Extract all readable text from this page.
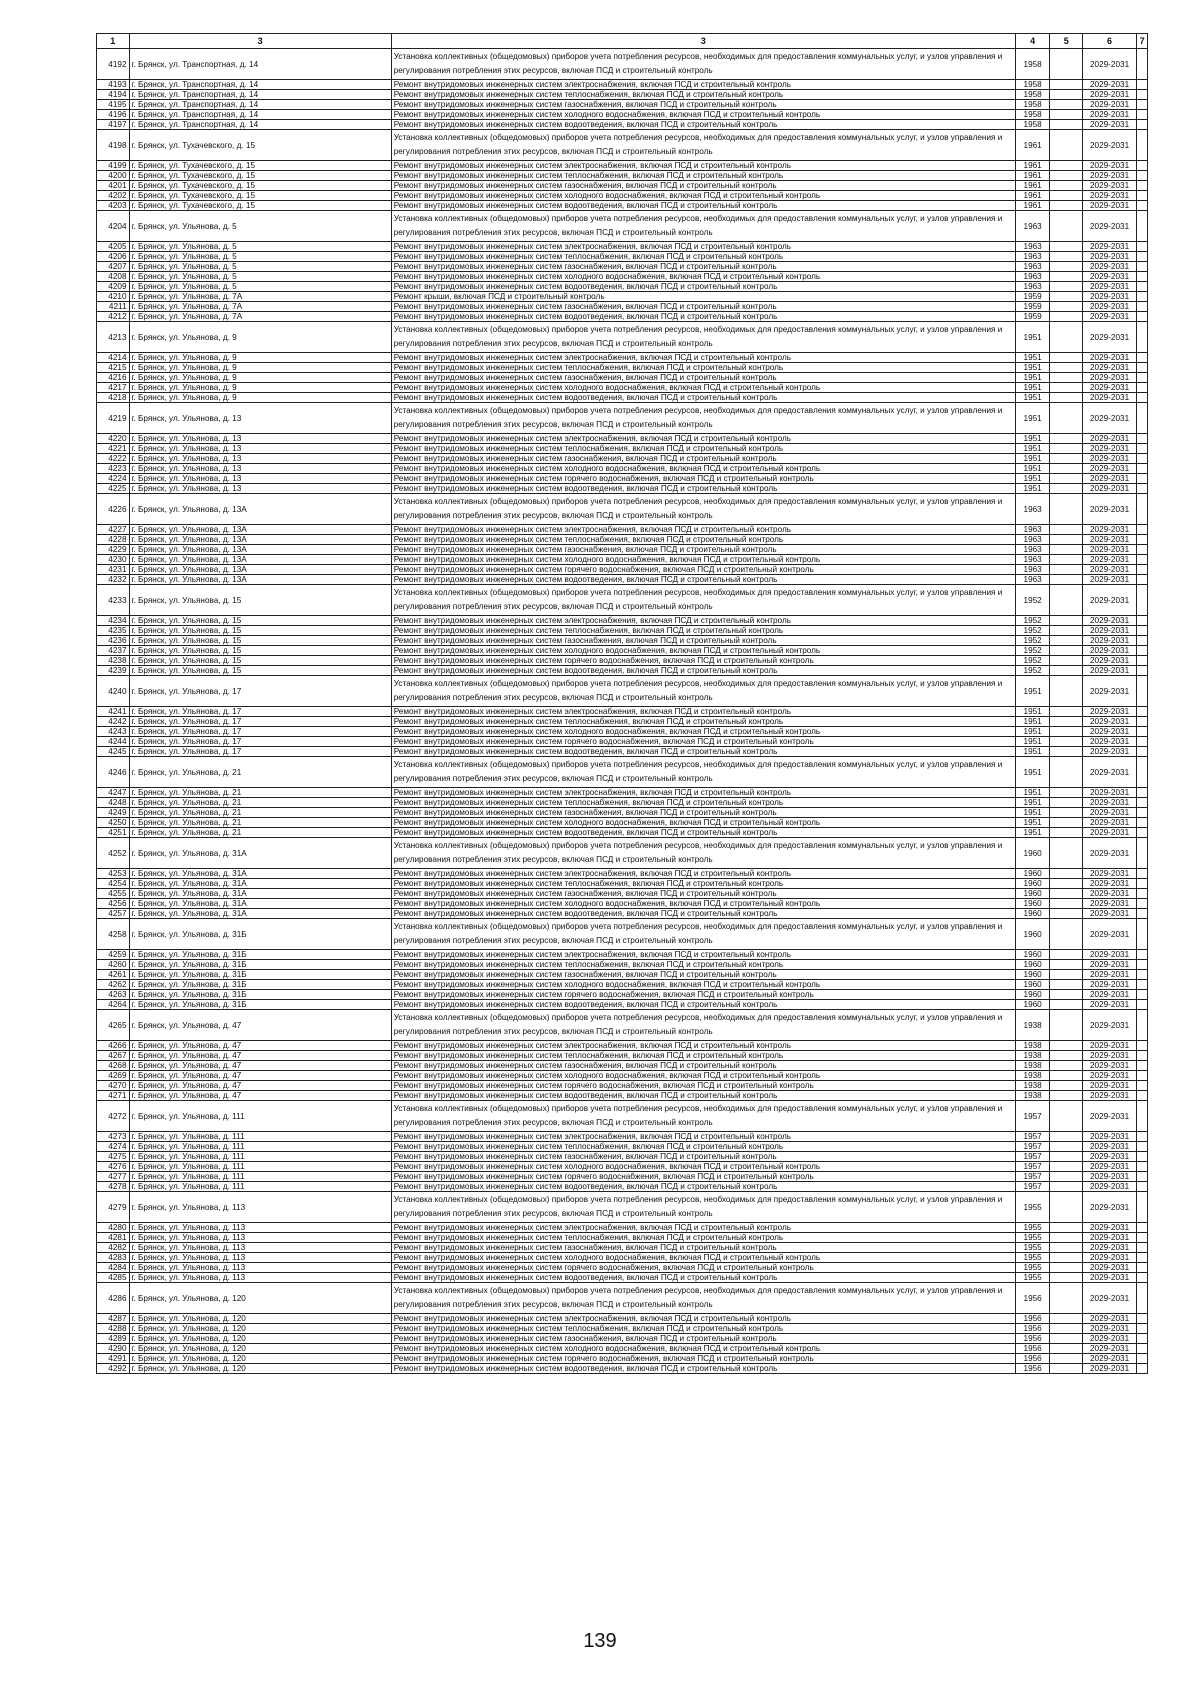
1	3	3	4	5	6	7
4192	г. Брянск, ул. Транспортная, д. 14	Установка коллективных (общедомовых) приборов учета потребления ресурсов, необходимых для предоставления коммунальных услуг, и узлов управления и регулирования потребления этих ресурсов, включая ПСД и строительный контроль	1958		2029-2031	
4193	г. Брянск, ул. Транспортная, д. 14	Ремонт внутридомовых инженерных систем электроснабжения, включая ПСД и строительный контроль	1958		2029-2031	
4194	г. Брянск, ул. Транспортная, д. 14	Ремонт внутридомовых инженерных систем теплоснабжения, включая ПСД и строительный контроль	1958		2029-2031	
4195	г. Брянск, ул. Транспортная, д. 14	Ремонт внутридомовых инженерных систем газоснабжения, включая ПСД и строительный контроль	1958		2029-2031	
4196	г. Брянск, ул. Транспортная, д. 14	Ремонт внутридомовых инженерных систем холодного водоснабжения, включая ПСД и строительный контроль	1958		2029-2031	
4197	г. Брянск, ул. Транспортная, д. 14	Ремонт внутридомовых инженерных систем водоотведения, включая ПСД и строительный контроль	1958		2029-2031	
4198	г. Брянск, ул. Тухачевского, д. 15	Установка коллективных (общедомовых) приборов учета потребления ресурсов, необходимых для предоставления коммунальных услуг, и узлов управления и регулирования потребления этих ресурсов, включая ПСД и строительный контроль	1961		2029-2031	
4199	г. Брянск, ул. Тухачевского, д. 15	Ремонт внутридомовых инженерных систем электроснабжения, включая ПСД и строительный контроль	1961		2029-2031	
4200	г. Брянск, ул. Тухачевского, д. 15	Ремонт внутридомовых инженерных систем теплоснабжения, включая ПСД и строительный контроль	1961		2029-2031	
4201	г. Брянск, ул. Тухачевского, д. 15	Ремонт внутридомовых инженерных систем газоснабжения, включая ПСД и строительный контроль	1961		2029-2031	
4202	г. Брянск, ул. Тухачевского, д. 15	Ремонт внутридомовых инженерных систем холодного водоснабжения, включая ПСД и строительный контроль	1961		2029-2031	
4203	г. Брянск, ул. Тухачевского, д. 15	Ремонт внутридомовых инженерных систем водоотведения, включая ПСД и строительный контроль	1961		2029-2031	
4204	г. Брянск, ул. Ульянова, д. 5	Установка коллективных (общедомовых) приборов учета потребления ресурсов, необходимых для предоставления коммунальных услуг, и узлов управления и регулирования потребления этих ресурсов, включая ПСД и строительный контроль	1963		2029-2031	
4205	г. Брянск, ул. Ульянова, д. 5	Ремонт внутридомовых инженерных систем электроснабжения, включая ПСД и строительный контроль	1963		2029-2031	
4206	г. Брянск, ул. Ульянова, д. 5	Ремонт внутридомовых инженерных систем теплоснабжения, включая ПСД и строительный контроль	1963		2029-2031	
4207	г. Брянск, ул. Ульянова, д. 5	Ремонт внутридомовых инженерных систем газоснабжения, включая ПСД и строительный контроль	1963		2029-2031	
4208	г. Брянск, ул. Ульянова, д. 5	Ремонт внутридомовых инженерных систем холодного водоснабжения, включая ПСД и строительный контроль	1963		2029-2031	
4209	г. Брянск, ул. Ульянова, д. 5	Ремонт внутридомовых инженерных систем водоотведения, включая ПСД и строительный контроль	1963		2029-2031	
4210	г. Брянск, ул. Ульянова, д. 7А	Ремонт крыши, включая ПСД и строительный контроль	1959		2029-2031	
4211	г. Брянск, ул. Ульянова, д. 7А	Ремонт внутридомовых инженерных систем газоснабжения, включая ПСД и строительный контроль	1959		2029-2031	
4212	г. Брянск, ул. Ульянова, д. 7А	Ремонт внутридомовых инженерных систем водоотведения, включая ПСД и строительный контроль	1959		2029-2031	
4213	г. Брянск, ул. Ульянова, д. 9	Установка коллективных (общедомовых) приборов учета потребления ресурсов, необходимых для предоставления коммунальных услуг, и узлов управления и регулирования потребления этих ресурсов, включая ПСД и строительный контроль	1951		2029-2031	
4214	г. Брянск, ул. Ульянова, д. 9	Ремонт внутридомовых инженерных систем электроснабжения, включая ПСД и строительный контроль	1951		2029-2031	
4215	г. Брянск, ул. Ульянова, д. 9	Ремонт внутридомовых инженерных систем теплоснабжения, включая ПСД и строительный контроль	1951		2029-2031	
4216	г. Брянск, ул. Ульянова, д. 9	Ремонт внутридомовых инженерных систем газоснабжения, включая ПСД и строительный контроль	1951		2029-2031	
4217	г. Брянск, ул. Ульянова, д. 9	Ремонт внутридомовых инженерных систем холодного водоснабжения, включая ПСД и строительный контроль	1951		2029-2031	
4218	г. Брянск, ул. Ульянова, д. 9	Ремонт внутридомовых инженерных систем водоотведения, включая ПСД и строительный контроль	1951		2029-2031	
4219	г. Брянск, ул. Ульянова, д. 13	Установка коллективных (общедомовых) приборов учета потребления ресурсов, необходимых для предоставления коммунальных услуг, и узлов управления и регулирования потребления этих ресурсов, включая ПСД и строительный контроль	1951		2029-2031	
4220	г. Брянск, ул. Ульянова, д. 13	Ремонт внутридомовых инженерных систем электроснабжения, включая ПСД и строительный контроль	1951		2029-2031	
4221	г. Брянск, ул. Ульянова, д. 13	Ремонт внутридомовых инженерных систем теплоснабжения, включая ПСД и строительный контроль	1951		2029-2031	
4222	г. Брянск, ул. Ульянова, д. 13	Ремонт внутридомовых инженерных систем газоснабжения, включая ПСД и строительный контроль	1951		2029-2031	
4223	г. Брянск, ул. Ульянова, д. 13	Ремонт внутридомовых инженерных систем холодного водоснабжения, включая ПСД и строительный контроль	1951		2029-2031	
4224	г. Брянск, ул. Ульянова, д. 13	Ремонт внутридомовых инженерных систем горячего водоснабжения, включая ПСД и строительный контроль	1951		2029-2031	
4225	г. Брянск, ул. Ульянова, д. 13	Ремонт внутридомовых инженерных систем водоотведения, включая ПСД и строительный контроль	1951		2029-2031	
4226	г. Брянск, ул. Ульянова, д. 13А	Установка коллективных (общедомовых) приборов учета потребления ресурсов, необходимых для предоставления коммунальных услуг, и узлов управления и регулирования потребления этих ресурсов, включая ПСД и строительный контроль	1963		2029-2031	
4227	г. Брянск, ул. Ульянова, д. 13А	Ремонт внутридомовых инженерных систем электроснабжения, включая ПСД и строительный контроль	1963		2029-2031	
4228	г. Брянск, ул. Ульянова, д. 13А	Ремонт внутридомовых инженерных систем теплоснабжения, включая ПСД и строительный контроль	1963		2029-2031	
4229	г. Брянск, ул. Ульянова, д. 13А	Ремонт внутридомовых инженерных систем газоснабжения, включая ПСД и строительный контроль	1963		2029-2031	
4230	г. Брянск, ул. Ульянова, д. 13А	Ремонт внутридомовых инженерных систем холодного водоснабжения, включая ПСД и строительный контроль	1963		2029-2031	
4231	г. Брянск, ул. Ульянова, д. 13А	Ремонт внутридомовых инженерных систем горячего водоснабжения, включая ПСД и строительный контроль	1963		2029-2031	
4232	г. Брянск, ул. Ульянова, д. 13А	Ремонт внутридомовых инженерных систем водоотведения, включая ПСД и строительный контроль	1963		2029-2031	
4233	г. Брянск, ул. Ульянова, д. 15	Установка коллективных (общедомовых) приборов учета потребления ресурсов, необходимых для предоставления коммунальных услуг, и узлов управления и регулирования потребления этих ресурсов, включая ПСД и строительный контроль	1952		2029-2031	
4234	г. Брянск, ул. Ульянова, д. 15	Ремонт внутридомовых инженерных систем электроснабжения, включая ПСД и строительный контроль	1952		2029-2031	
4235	г. Брянск, ул. Ульянова, д. 15	Ремонт внутридомовых инженерных систем теплоснабжения, включая ПСД и строительный контроль	1952		2029-2031	
4236	г. Брянск, ул. Ульянова, д. 15	Ремонт внутридомовых инженерных систем газоснабжения, включая ПСД и строительный контроль	1952		2029-2031	
4237	г. Брянск, ул. Ульянова, д. 15	Ремонт внутридомовых инженерных систем холодного водоснабжения, включая ПСД и строительный контроль	1952		2029-2031	
4238	г. Брянск, ул. Ульянова, д. 15	Ремонт внутридомовых инженерных систем горячего водоснабжения, включая ПСД и строительный контроль	1952		2029-2031	
4239	г. Брянск, ул. Ульянова, д. 15	Ремонт внутридомовых инженерных систем водоотведения, включая ПСД и строительный контроль	1952		2029-2031	
4240	г. Брянск, ул. Ульянова, д. 17	Установка коллективных (общедомовых) приборов учета потребления ресурсов, необходимых для предоставления коммунальных услуг, и узлов управления и регулирования потребления этих ресурсов, включая ПСД и строительный контроль	1951		2029-2031	
4241	г. Брянск, ул. Ульянова, д. 17	Ремонт внутридомовых инженерных систем электроснабжения, включая ПСД и строительный контроль	1951		2029-2031	
4242	г. Брянск, ул. Ульянова, д. 17	Ремонт внутридомовых инженерных систем теплоснабжения, включая ПСД и строительный контроль	1951		2029-2031	
4243	г. Брянск, ул. Ульянова, д. 17	Ремонт внутридомовых инженерных систем холодного водоснабжения, включая ПСД и строительный контроль	1951		2029-2031	
4244	г. Брянск, ул. Ульянова, д. 17	Ремонт внутридомовых инженерных систем горячего водоснабжения, включая ПСД и строительный контроль	1951		2029-2031	
4245	г. Брянск, ул. Ульянова, д. 17	Ремонт внутридомовых инженерных систем водоотведения, включая ПСД и строительный контроль	1951		2029-2031	
4246	г. Брянск, ул. Ульянова, д. 21	Установка коллективных (общедомовых) приборов учета потребления ресурсов, необходимых для предоставления коммунальных услуг, и узлов управления и регулирования потребления этих ресурсов, включая ПСД и строительный контроль	1951		2029-2031	
4247	г. Брянск, ул. Ульянова, д. 21	Ремонт внутридомовых инженерных систем электроснабжения, включая ПСД и строительный контроль	1951		2029-2031	
4248	г. Брянск, ул. Ульянова, д. 21	Ремонт внутридомовых инженерных систем теплоснабжения, включая ПСД и строительный контроль	1951		2029-2031	
4249	г. Брянск, ул. Ульянова, д. 21	Ремонт внутридомовых инженерных систем газоснабжения, включая ПСД и строительный контроль	1951		2029-2031	
4250	г. Брянск, ул. Ульянова, д. 21	Ремонт внутридомовых инженерных систем холодного водоснабжения, включая ПСД и строительный контроль	1951		2029-2031	
4251	г. Брянск, ул. Ульянова, д. 21	Ремонт внутридомовых инженерных систем водоотведения, включая ПСД и строительный контроль	1951		2029-2031	
4252	г. Брянск, ул. Ульянова, д. 31А	Установка коллективных (общедомовых) приборов учета потребления ресурсов, необходимых для предоставления коммунальных услуг, и узлов управления и регулирования потребления этих ресурсов, включая ПСД и строительный контроль	1960		2029-2031	
4253	г. Брянск, ул. Ульянова, д. 31А	Ремонт внутридомовых инженерных систем электроснабжения, включая ПСД и строительный контроль	1960		2029-2031	
4254	г. Брянск, ул. Ульянова, д. 31А	Ремонт внутридомовых инженерных систем теплоснабжения, включая ПСД и строительный контроль	1960		2029-2031	
4255	г. Брянск, ул. Ульянова, д. 31А	Ремонт внутридомовых инженерных систем газоснабжения, включая ПСД и строительный контроль	1960		2029-2031	
4256	г. Брянск, ул. Ульянова, д. 31А	Ремонт внутридомовых инженерных систем холодного водоснабжения, включая ПСД и строительный контроль	1960		2029-2031	
4257	г. Брянск, ул. Ульянова, д. 31А	Ремонт внутридомовых инженерных систем водоотведения, включая ПСД и строительный контроль	1960		2029-2031	
4258	г. Брянск, ул. Ульянова, д. 31Б	Установка коллективных (общедомовых) приборов учета потребления ресурсов, необходимых для предоставления коммунальных услуг, и узлов управления и регулирования потребления этих ресурсов, включая ПСД и строительный контроль	1960		2029-2031	
4259	г. Брянск, ул. Ульянова, д. 31Б	Ремонт внутридомовых инженерных систем электроснабжения, включая ПСД и строительный контроль	1960		2029-2031	
4260	г. Брянск, ул. Ульянова, д. 31Б	Ремонт внутридомовых инженерных систем теплоснабжения, включая ПСД и строительный контроль	1960		2029-2031	
4261	г. Брянск, ул. Ульянова, д. 31Б	Ремонт внутридомовых инженерных систем газоснабжения, включая ПСД и строительный контроль	1960		2029-2031	
4262	г. Брянск, ул. Ульянова, д. 31Б	Ремонт внутридомовых инженерных систем холодного водоснабжения, включая ПСД и строительный контроль	1960		2029-2031	
4263	г. Брянск, ул. Ульянова, д. 31Б	Ремонт внутридомовых инженерных систем горячего водоснабжения, включая ПСД и строительный контроль	1960		2029-2031	
4264	г. Брянск, ул. Ульянова, д. 31Б	Ремонт внутридомовых инженерных систем водоотведения, включая ПСД и строительный контроль	1960		2029-2031	
4265	г. Брянск, ул. Ульянова, д. 47	Установка коллективных (общедомовых) приборов учета потребления ресурсов, необходимых для предоставления коммунальных услуг, и узлов управления и регулирования потребления этих ресурсов, включая ПСД и строительный контроль	1938		2029-2031	
4266	г. Брянск, ул. Ульянова, д. 47	Ремонт внутридомовых инженерных систем электроснабжения, включая ПСД и строительный контроль	1938		2029-2031	
4267	г. Брянск, ул. Ульянова, д. 47	Ремонт внутридомовых инженерных систем теплоснабжения, включая ПСД и строительный контроль	1938		2029-2031	
4268	г. Брянск, ул. Ульянова, д. 47	Ремонт внутридомовых инженерных систем газоснабжения, включая ПСД и строительный контроль	1938		2029-2031	
4269	г. Брянск, ул. Ульянова, д. 47	Ремонт внутридомовых инженерных систем холодного водоснабжения, включая ПСД и строительный контроль	1938		2029-2031	
4270	г. Брянск, ул. Ульянова, д. 47	Ремонт внутридомовых инженерных систем горячего водоснабжения, включая ПСД и строительный контроль	1938		2029-2031	
4271	г. Брянск, ул. Ульянова, д. 47	Ремонт внутридомовых инженерных систем водоотведения, включая ПСД и строительный контроль	1938		2029-2031	
4272	г. Брянск, ул. Ульянова, д. 111	Установка коллективных (общедомовых) приборов учета потребления ресурсов, необходимых для предоставления коммунальных услуг, и узлов управления и регулирования потребления этих ресурсов, включая ПСД и строительный контроль	1957		2029-2031	
4273	г. Брянск, ул. Ульянова, д. 111	Ремонт внутридомовых инженерных систем электроснабжения, включая ПСД и строительный контроль	1957		2029-2031	
4274	г. Брянск, ул. Ульянова, д. 111	Ремонт внутридомовых инженерных систем теплоснабжения, включая ПСД и строительный контроль	1957		2029-2031	
4275	г. Брянск, ул. Ульянова, д. 111	Ремонт внутридомовых инженерных систем газоснабжения, включая ПСД и строительный контроль	1957		2029-2031	
4276	г. Брянск, ул. Ульянова, д. 111	Ремонт внутридомовых инженерных систем холодного водоснабжения, включая ПСД и строительный контроль	1957		2029-2031	
4277	г. Брянск, ул. Ульянова, д. 111	Ремонт внутридомовых инженерных систем горячего водоснабжения, включая ПСД и строительный контроль	1957		2029-2031	
4278	г. Брянск, ул. Ульянова, д. 111	Ремонт внутридомовых инженерных систем водоотведения, включая ПСД и строительный контроль	1957		2029-2031	
4279	г. Брянск, ул. Ульянова, д. 113	Установка коллективных (общедомовых) приборов учета потребления ресурсов, необходимых для предоставления коммунальных услуг, и узлов управления и регулирования потребления этих ресурсов, включая ПСД и строительный контроль	1955		2029-2031	
4280	г. Брянск, ул. Ульянова, д. 113	Ремонт внутридомовых инженерных систем электроснабжения, включая ПСД и строительный контроль	1955		2029-2031	
4281	г. Брянск, ул. Ульянова, д. 113	Ремонт внутридомовых инженерных систем теплоснабжения, включая ПСД и строительный контроль	1955		2029-2031	
4282	г. Брянск, ул. Ульянова, д. 113	Ремонт внутридомовых инженерных систем газоснабжения, включая ПСД и строительный контроль	1955		2029-2031	
4283	г. Брянск, ул. Ульянова, д. 113	Ремонт внутридомовых инженерных систем холодного водоснабжения, включая ПСД и строительный контроль	1955		2029-2031	
4284	г. Брянск, ул. Ульянова, д. 113	Ремонт внутридомовых инженерных систем горячего водоснабжения, включая ПСД и строительный контроль	1955		2029-2031	
4285	г. Брянск, ул. Ульянова, д. 113	Ремонт внутридомовых инженерных систем водоотведения, включая ПСД и строительный контроль	1955		2029-2031	
4286	г. Брянск, ул. Ульянова, д. 120	Установка коллективных (общедомовых) приборов учета потребления ресурсов, необходимых для предоставления коммунальных услуг, и узлов управления и регулирования потребления этих ресурсов, включая ПСД и строительный контроль	1956		2029-2031	
4287	г. Брянск, ул. Ульянова, д. 120	Ремонт внутридомовых инженерных систем электроснабжения, включая ПСД и строительный контроль	1956		2029-2031	
4288	г. Брянск, ул. Ульянова, д. 120	Ремонт внутридомовых инженерных систем теплоснабжения, включая ПСД и строительный контроль	1956		2029-2031	
4289	г. Брянск, ул. Ульянова, д. 120	Ремонт внутридомовых инженерных систем газоснабжения, включая ПСД и строительный контроль	1956		2029-2031	
4290	г. Брянск, ул. Ульянова, д. 120	Ремонт внутридомовых инженерных систем холодного водоснабжения, включая ПСД и строительный контроль	1956		2029-2031	
4291	г. Брянск, ул. Ульянова, д. 120	Ремонт внутридомовых инженерных систем горячего водоснабжения, включая ПСД и строительный контроль	1956		2029-2031	
4292	г. Брянск, ул. Ульянова, д. 120	Ремонт внутридомовых инженерных систем водоотведения, включая ПСД и строительный контроль	1956		2029-2031	
139
